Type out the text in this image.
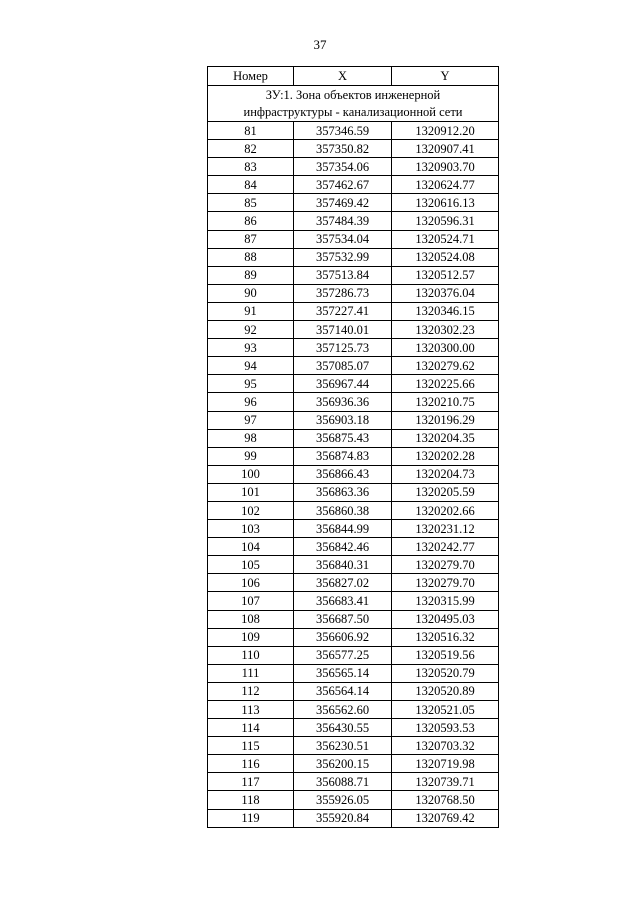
37
Номер	X	Y
ЗУ:1. Зона объектов инженерной
инфраструктуры - канализационной сети		
81	357346.59	1320912.20
82	357350.82	1320907.41
83	357354.06	1320903.70
84	357462.67	1320624.77
85	357469.42	1320616.13
86	357484.39	1320596.31
87	357534.04	1320524.71
88	357532.99	1320524.08
89	357513.84	1320512.57
90	357286.73	1320376.04
91	357227.41	1320346.15
92	357140.01	1320302.23
93	357125.73	1320300.00
94	357085.07	1320279.62
95	356967.44	1320225.66
96	356936.36	1320210.75
97	356903.18	1320196.29
98	356875.43	1320204.35
99	356874.83	1320202.28
100	356866.43	1320204.73
101	356863.36	1320205.59
102	356860.38	1320202.66
103	356844.99	1320231.12
104	356842.46	1320242.77
105	356840.31	1320279.70
106	356827.02	1320279.70
107	356683.41	1320315.99
108	356687.50	1320495.03
109	356606.92	1320516.32
110	356577.25	1320519.56
111	356565.14	1320520.79
112	356564.14	1320520.89
113	356562.60	1320521.05
114	356430.55	1320593.53
115	356230.51	1320703.32
116	356200.15	1320719.98
117	356088.71	1320739.71
118	355926.05	1320768.50
119	355920.84	1320769.42
